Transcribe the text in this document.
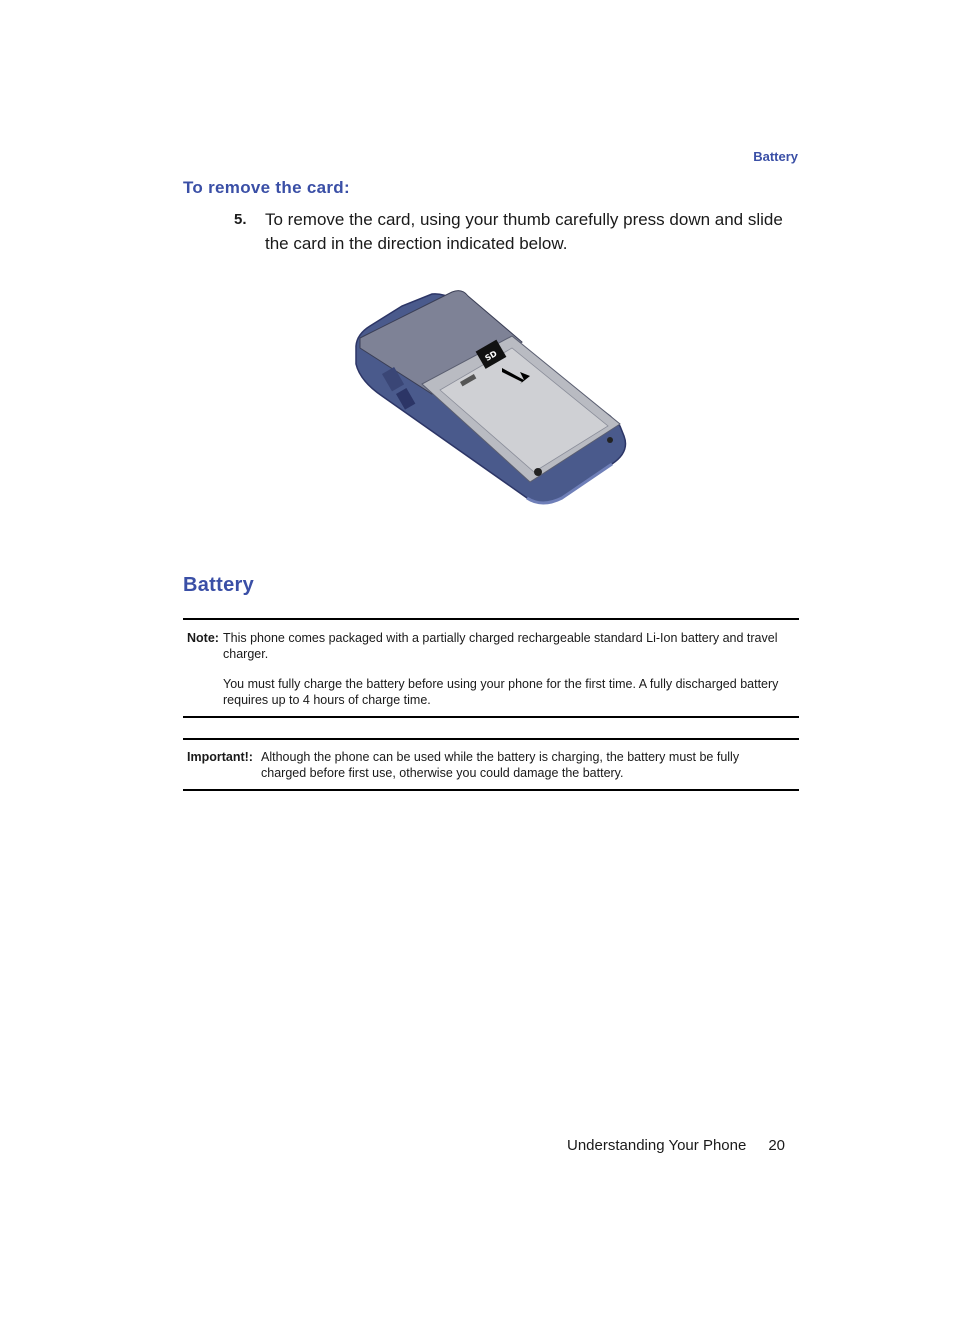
Battery
To remove the card:
5. To remove the card, using your thumb carefully press down and slide the card in the direction indicated below.
SD
Battery
Note: This phone comes packaged with a partially charged rechargeable standard Li-Ion battery and travel charger.
You must fully charge the battery before using your phone for the first time. A fully discharged battery requires up to 4 hours of charge time.
Important!: Although the phone can be used while the battery is charging, the battery must be fully charged before first use, otherwise you could damage the battery.
Understanding Your Phone 20
